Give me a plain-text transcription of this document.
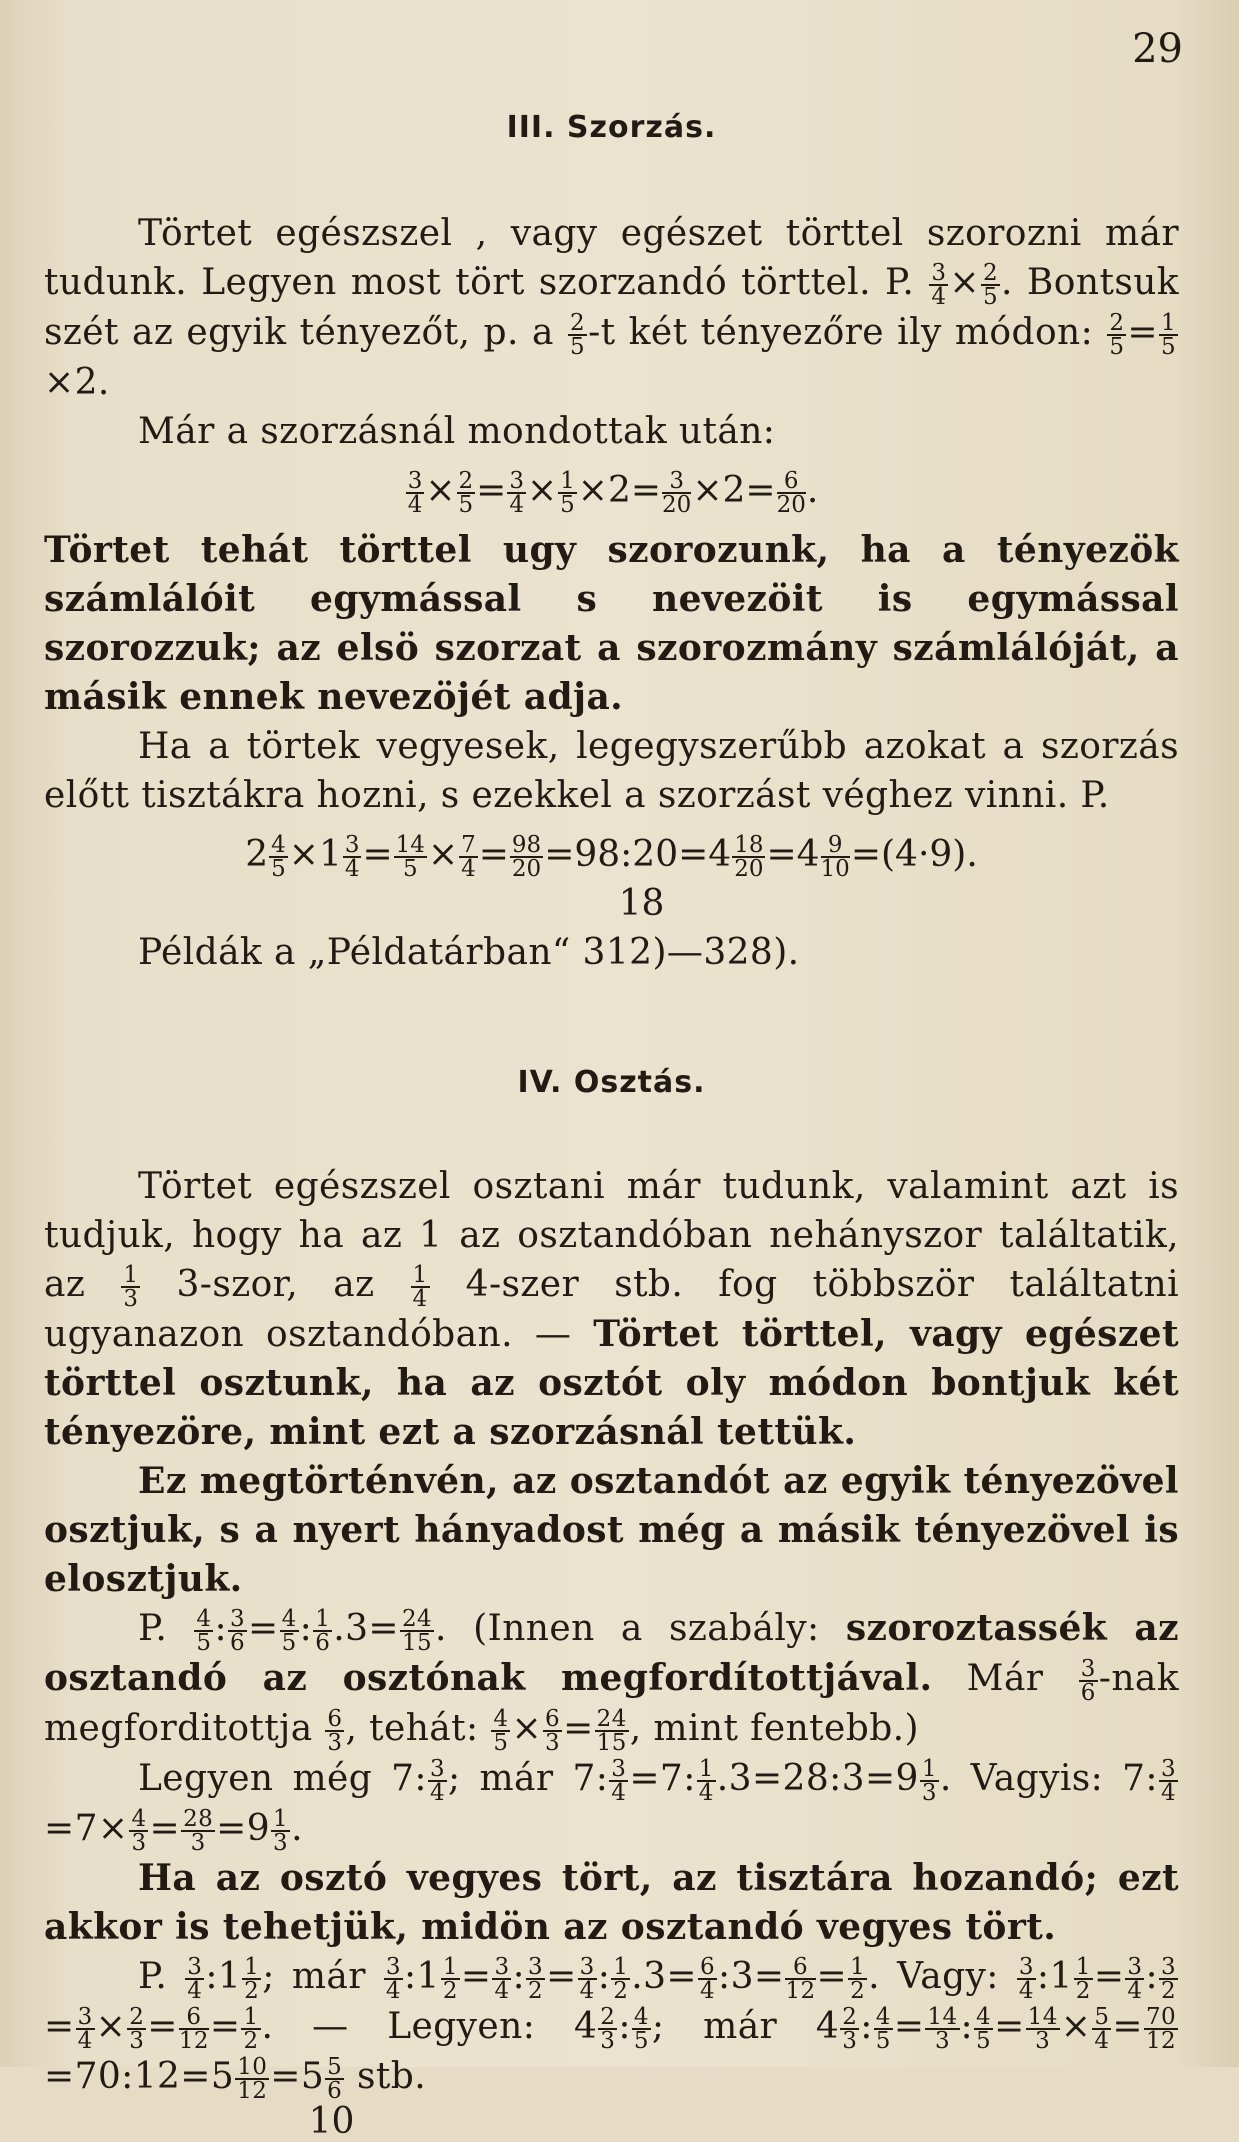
29
III. Szorzás.

Törtet egészszel , vagy egészet törttel szorozni már tudunk. Legyen most tört szorzandó törttel. P. $\frac{3}{4} \times \frac{2}{5}$ . Bontsuk szét az egyik tényezőt, p. a $\frac{2}{5} -t$ két tényezőre ily módon: $\frac{2}{5} = \frac{1}{5}$
×2.

Már a szorzásnál mondottak után:

$\frac{3}{4} \times \frac{2}{5} = \frac{3}{4} \times \frac{1}{5} \times 2= \frac{3}{20} \times 2= \frac{6}{20}$ .

Törtet tehát törttel ugy szorozunk, ha a tényezök számlálóit egymással s nevezöit is egymással szorozzuk; az elsö szorzat a szorozmány számlálóját, a másik ennek nevezöjét adja.

Ha a törtek vegyesek, legegyszerűbb azokat a szorzás előtt tisztákra hozni, s ezekkel a szorzást véghez vinni. P.

$2 \frac{4}{5} \times 1 \frac{3}{4} = \frac{14}{5} \times \frac{7}{4} = \frac{98}{20}$ =98:20=4 $\frac{18}{20} =4 \frac{9}{10} =(4\cdot 9)$.
18

Példák a „Példatárban“ 312)—328).

IV. Osztás.

Törtet egészszel osztani már tudunk, valamint azt is tudjuk, hogy ha az 1 az osztandóban nehányszor találtatik, az $\frac{1}{3}$ 3-szor, az $\frac{1}{4}$ 4-szer stb. fog többször találtatni ugyanazon osztandóban. — Törtet törttel, vagy egészet törttel osztunk, ha az osztót oly módon bontjuk két tényezöre, mint ezt a szorzásnál tettük.

Ez megtörténvén, az osztandót az egyik tényezövel osztjuk, s a nyert hányadost még a másik tényezövel is elosztjuk.

P. $\frac{4}{5}$ : $\frac{3}{6} = \frac{4}{5}$ : $\frac{1}{6} .3= \frac{24}{15}$ . (Innen a szabály: szoroztassék az osztandó az osztónak megfordítottjával. Már $\frac{3}{6} -nak$ megforditottja $\frac{6}{3}$ , tehát: $\frac{4}{5} \times \frac{6}{3} = \frac{24}{15}$ , mint fentebb.)

Legyen még 7: $\frac{3}{4}$ ; már 7: $\frac{3}{4} =7$: $\frac{1}{4}$ .3=28:3=9 $\frac{1}{3}$ . Vagyis: 7: $\frac{3}{4}$
$=7\times \frac{4}{3} = \frac{28}{3} =9 \frac{1}{3}$ .

Ha az osztó vegyes tört, az tisztára hozandó; ezt akkor is tehetjük, midön az osztandó vegyes tört.

P. $\frac{3}{4}$ :1 $\frac{1}{2}$ ; már $\frac{3}{4}$ :1 $\frac{1}{2} = \frac{3}{4}$ : $\frac{3}{2} = \frac{3}{4}$ : $\frac{1}{2} .3= \frac{6}{4}$ :3= $\frac{6}{12} = \frac{1}{2}$ . Vagy: $\frac{3}{4}$ :1 $\frac{1}{2} = \frac{3}{4}$ : $\frac{3}{2}$
= $\frac{3}{4} \times \frac{2}{3} = \frac{6}{12} = \frac{1}{2}$ . — Legyen: $4 \frac{2}{3}$ : $\frac{4}{5}$ ; már $4 \frac{2}{3}$ : $\frac{4}{5} = \frac{14}{3}$ : $\frac{4}{5} = \frac{14}{3} \times \frac{5}{4} = \frac{70}{12}$
=70:12=5 $\frac{10}{12} =5 \frac{5}{6}$ stb.

10
